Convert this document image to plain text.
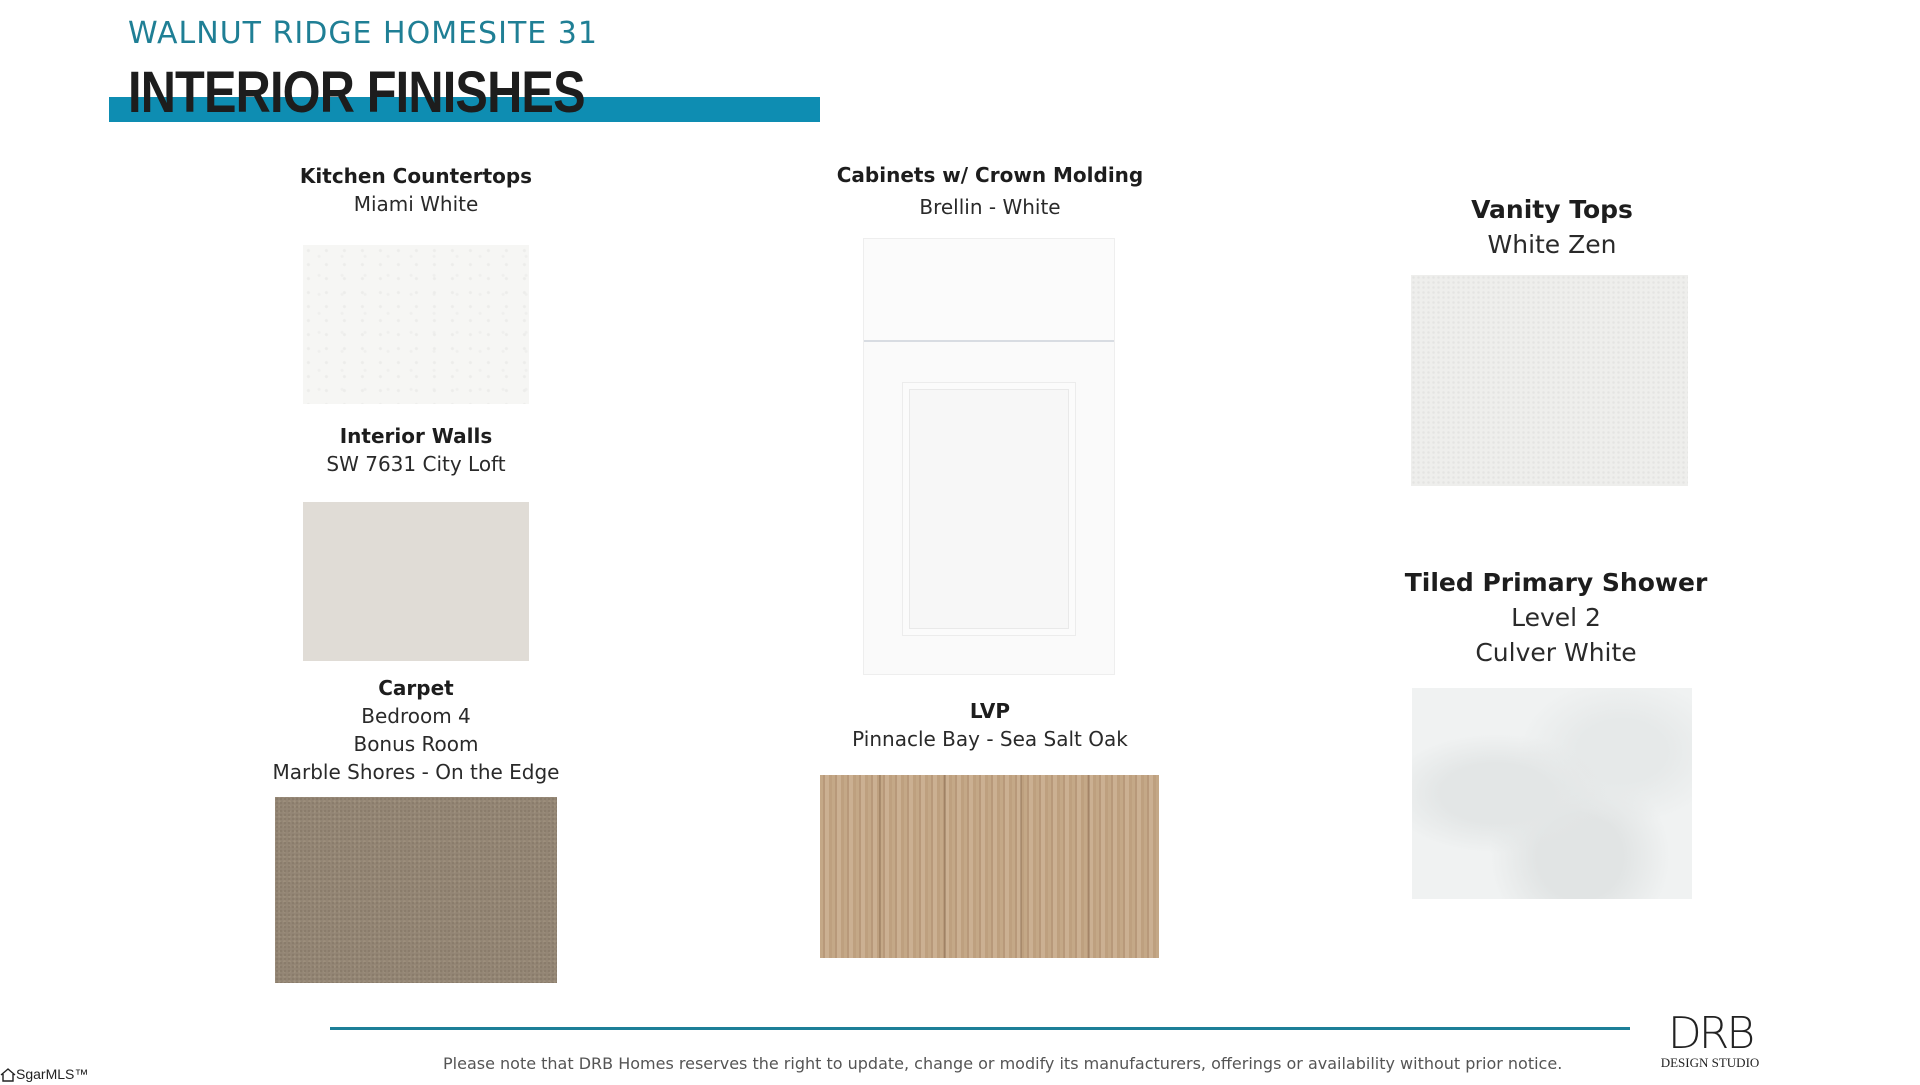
WALNUT RIDGE HOMESITE 31
INTERIOR FINISHES
Kitchen Countertops
Miami White
Interior Walls
SW 7631 City Loft
Carpet
Bedroom 4
Bonus Room
Marble Shores - On the Edge
Cabinets w/ Crown Molding
Brellin - White
LVP
Pinnacle Bay - Sea Salt Oak
Vanity Tops
White Zen
Tiled Primary Shower
Level 2
Culver White
Please note that DRB Homes reserves the right to update, change or modify its manufacturers, offerings or availability without prior notice.
DRB
DESIGN STUDIO
SgarMLS™
